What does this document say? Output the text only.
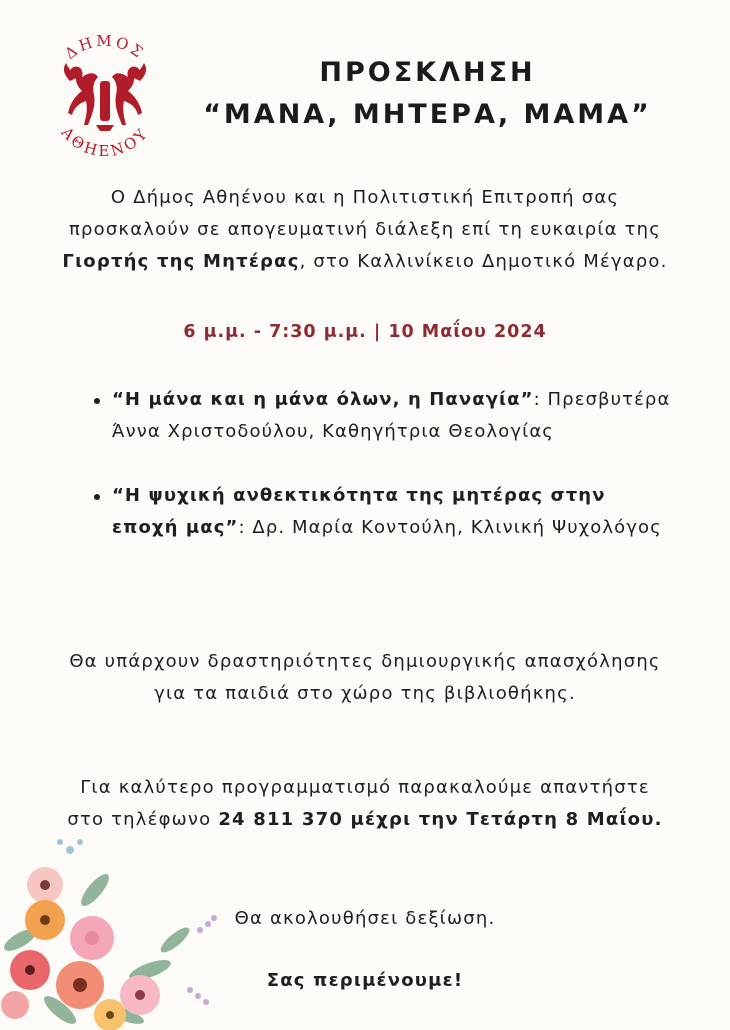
ΔΗΜΟΣ
ΑΘΗΕΝΟΥ
ΠΡΟΣΚΛΗΣΗ
“ΜΑΝΑ, ΜΗΤΕΡΑ, ΜΑΜΑ”
Ο Δήμος Αθηένου και η Πολιτιστική Επιτροπή σας προσκαλούν σε απογευματινή διάλεξη επί τη ευκαιρία της Γιορτής της Μητέρας, στο Καλλινίκειο Δημοτικό Μέγαρο.
6 μ.μ. - 7:30 μ.μ. | 10 Μαΐου 2024
“Η μάνα και η μάνα όλων, η Παναγία”: Πρεσβυτέρα Άννα Χριστοδούλου, Καθηγήτρια Θεολογίας
“Η ψυχική ανθεκτικότητα της μητέρας στην εποχή μας”: Δρ. Μαρία Κοντούλη, Κλινική Ψυχολόγος
Θα υπάρχουν δραστηριότητες δημιουργικής απασχόλησης για τα παιδιά στο χώρο της βιβλιοθήκης.
Για καλύτερο προγραμματισμό παρακαλούμε απαντήστε στο τηλέφωνο 24 811 370 μέχρι την Τετάρτη 8 Μαΐου.
Θα ακολουθήσει δεξίωση.
Σας περιμένουμε!
